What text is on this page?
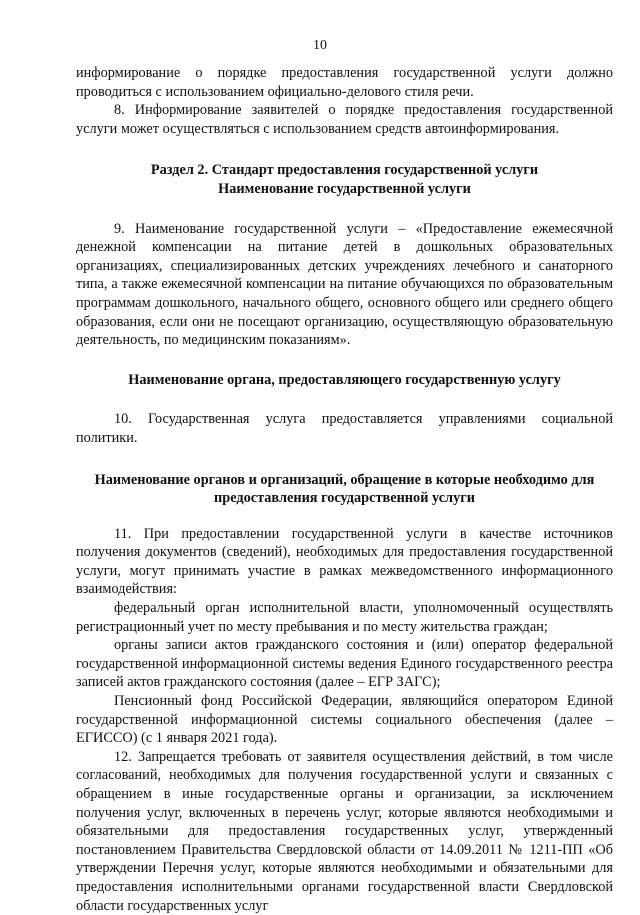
10

информирование о порядке предоставления государственной услуги должно проводиться с использованием официально-делового стиля речи.

8. Информирование заявителей о порядке предоставления государственной услуги может осуществляться с использованием средств автоинформирования.

Раздел 2. Стандарт предоставления государственной услуги

Наименование государственной услуги

9. Наименование государственной услуги – «Предоставление ежемесячной денежной компенсации на питание детей в дошкольных образовательных организациях, специализированных детских учреждениях лечебного и санаторного типа, а также ежемесячной компенсации на питание обучающихся по образовательным программам дошкольного, начального общего, основного общего или среднего общего образования, если они не посещают организацию, осуществляющую образовательную деятельность, по медицинским показаниям».

Наименование органа, предоставляющего государственную услугу

10. Государственная услуга предоставляется управлениями социальной политики.

Наименование органов и организаций, обращение в которые необходимо для

предоставления государственной услуги

11. При предоставлении государственной услуги в качестве источников получения документов (сведений), необходимых для предоставления государственной услуги, могут принимать участие в рамках межведомственного информационного взаимодействия:

федеральный орган исполнительной власти, уполномоченный осуществлять регистрационный учет по месту пребывания и по месту жительства граждан;

органы записи актов гражданского состояния и (или) оператор федеральной государственной информационной системы ведения Единого государственного реестра записей актов гражданского состояния (далее – ЕГР ЗАГС);

Пенсионный фонд Российской Федерации, являющийся оператором Единой государственной информационной системы социального обеспечения (далее – ЕГИССО) (с 1 января 2021 года).

12. Запрещается требовать от заявителя осуществления действий, в том числе согласований, необходимых для получения государственной услуги и связанных с обращением в иные государственные органы и организации, за исключением получения услуг, включенных в перечень услуг, которые являются необходимыми и обязательными для предоставления государственных услуг, утвержденный постановлением Правительства Свердловской области от 14.09.2011 № 1211-ПП «Об утверждении Перечня услуг, которые являются необходимыми и обязательными для предоставления исполнительными органами государственной власти Свердловской области государственных услуг
